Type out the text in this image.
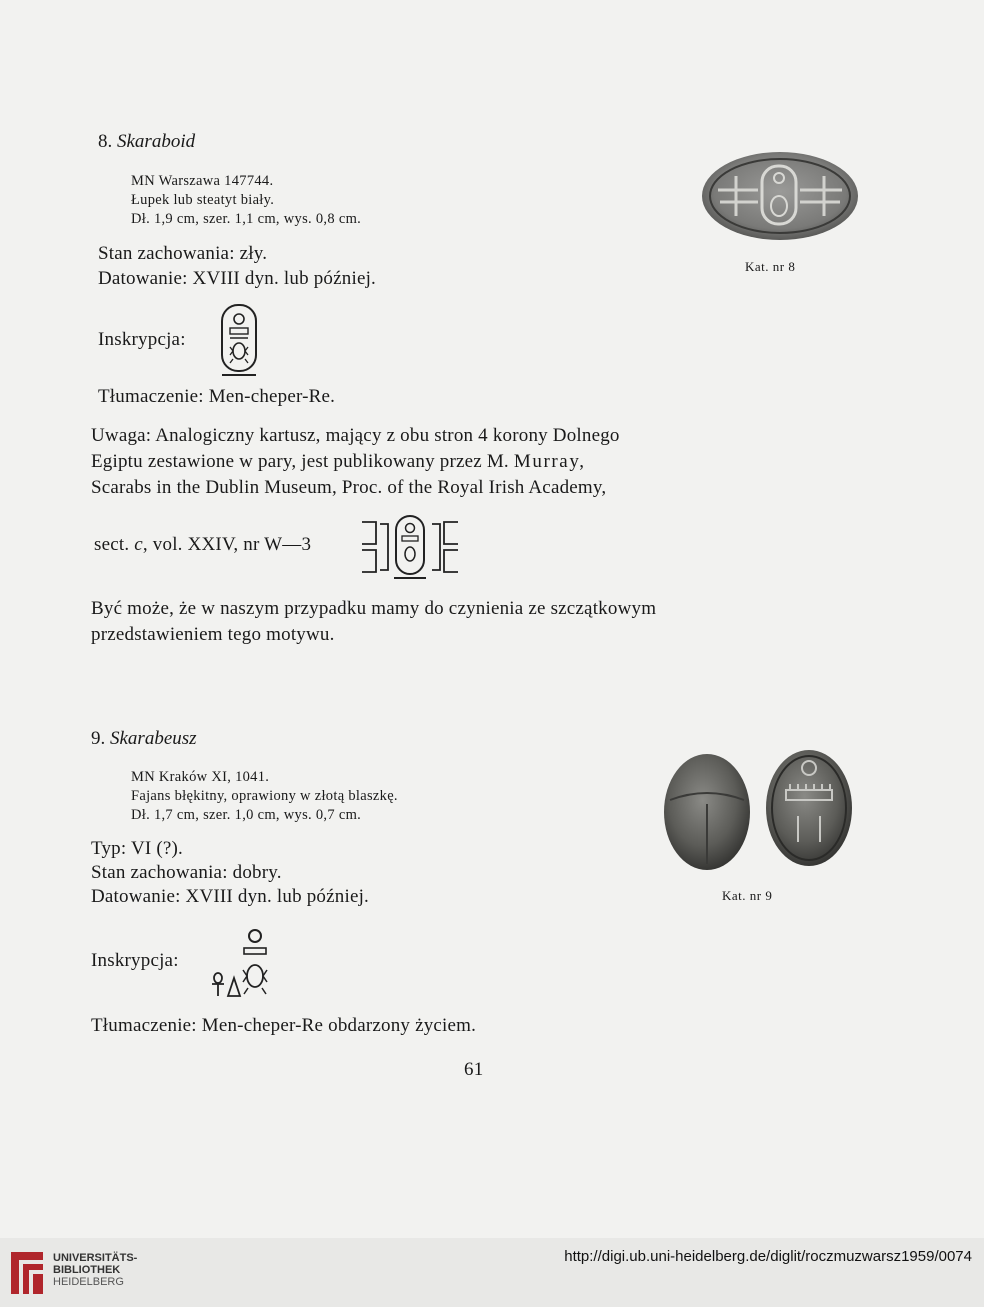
8. Skaraboid
MN Warszawa 147744.
Łupek lub steatyt biały.
Dł. 1,9 cm, szer. 1,1 cm, wys. 0,8 cm.
Stan zachowania: zły.
Datowanie: XVIII dyn. lub później.
Inskrypcja:
Tłumaczenie: Men-cheper-Re.
Uwaga: Analogiczny kartusz, mający z obu stron 4 korony Dolnego
Egiptu zestawione w pary, jest publikowany przez M. Murray,
Scarabs in the Dublin Museum, Proc. of the Royal Irish Academy,
sect. c, vol. XXIV, nr W—3
Być może, że w naszym przypadku mamy do czynienia ze szczątkowym
przedstawieniem tego motywu.
Kat. nr 8
9. Skarabeusz
MN Kraków XI, 1041.
Fajans błękitny, oprawiony w złotą blaszkę.
Dł. 1,7 cm, szer. 1,0 cm, wys. 0,7 cm.
Typ: VI (?).
Stan zachowania: dobry.
Datowanie: XVIII dyn. lub później.
Inskrypcja:
Tłumaczenie: Men-cheper-Re obdarzony życiem.
Kat. nr 9
61
UNIVERSITÄTS-
BIBLIOTHEK
HEIDELBERG
http://digi.ub.uni-heidelberg.de/diglit/roczmuzwarsz1959/0074
